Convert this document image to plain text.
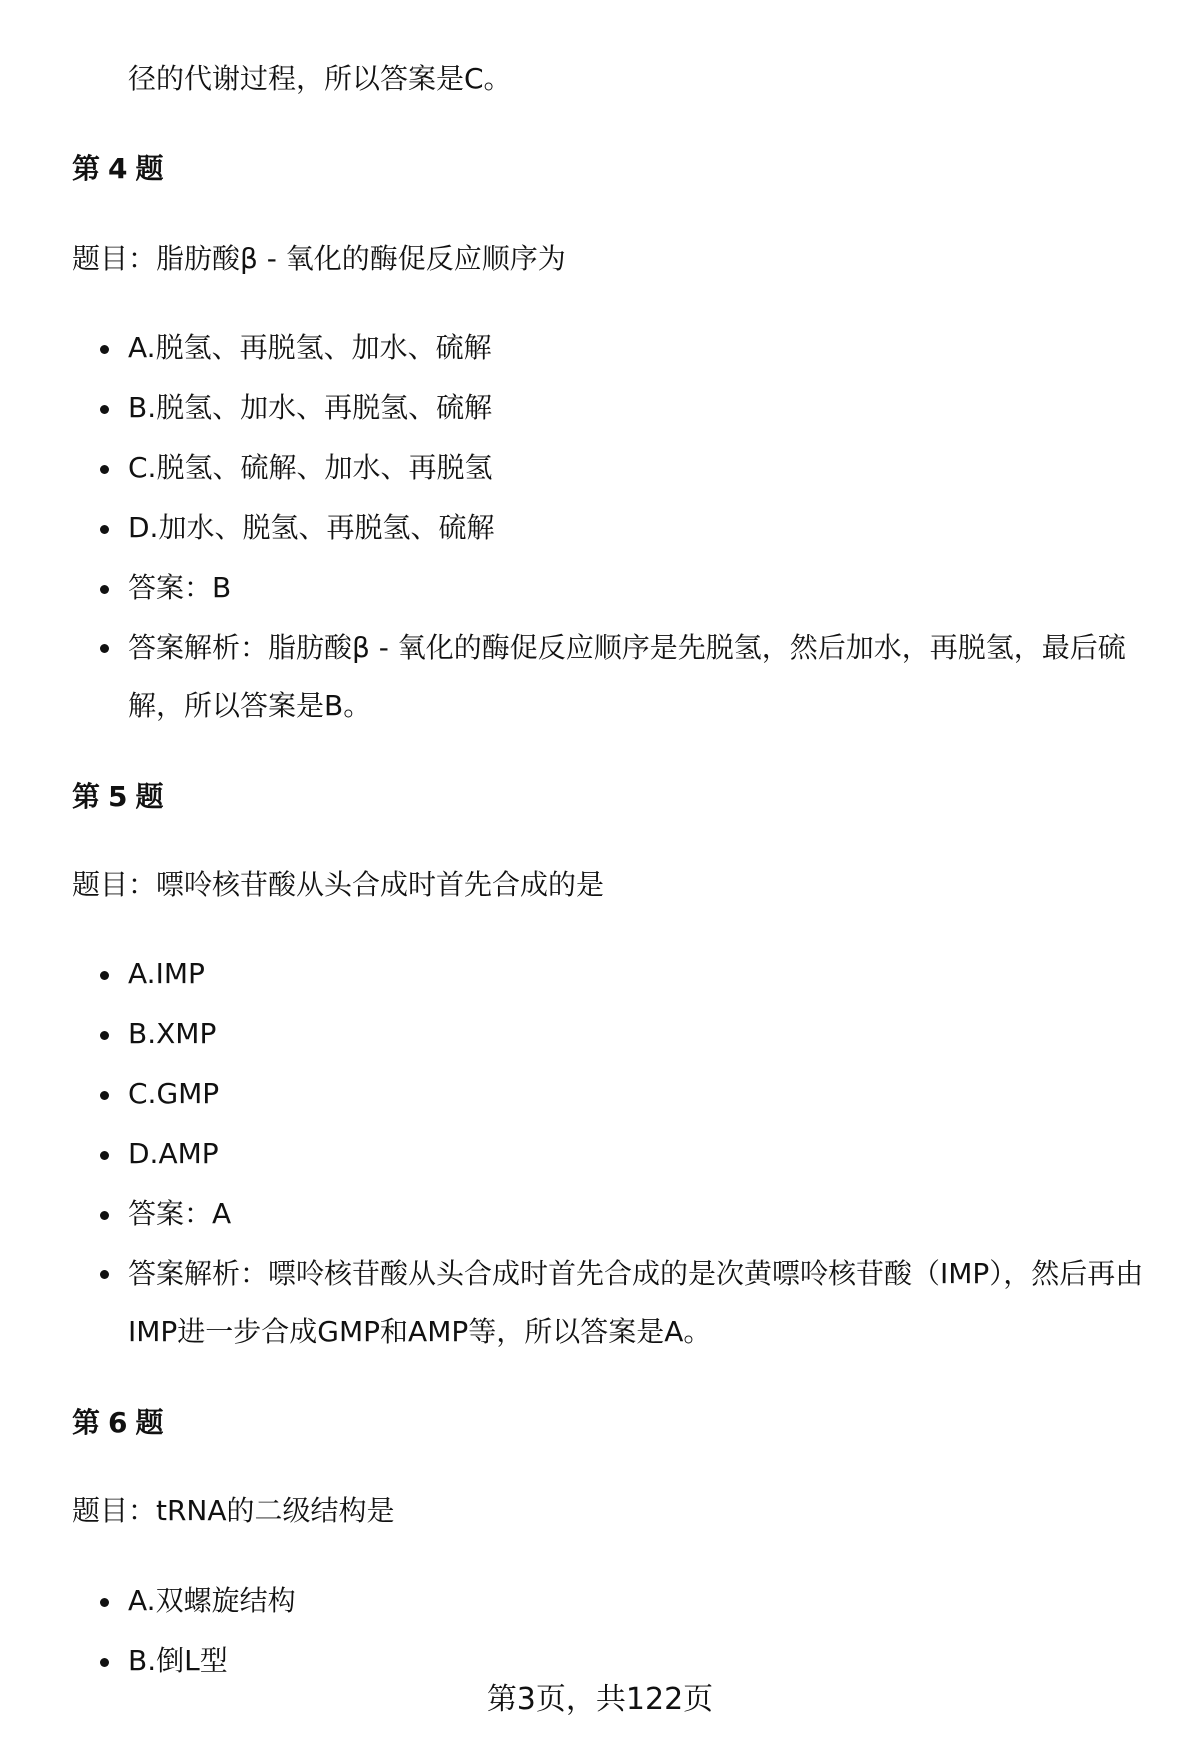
径的代谢过程，所以答案是C。
第 4 题
题目：脂肪酸β - 氧化的酶促反应顺序为
A.脱氢、再脱氢、加水、硫解
B.脱氢、加水、再脱氢、硫解
C.脱氢、硫解、加水、再脱氢
D.加水、脱氢、再脱氢、硫解
答案：B
答案解析：脂肪酸β - 氧化的酶促反应顺序是先脱氢，然后加水，再脱氢，最后硫解，所以答案是B。
第 5 题
题目：嘌呤核苷酸从头合成时首先合成的是
A.IMP
B.XMP
C.GMP
D.AMP
答案：A
答案解析：嘌呤核苷酸从头合成时首先合成的是次黄嘌呤核苷酸（IMP），然后再由IMP进一步合成GMP和AMP等，所以答案是A。
第 6 题
题目：tRNA的二级结构是
A.双螺旋结构
B.倒L型
第3页，共122页
